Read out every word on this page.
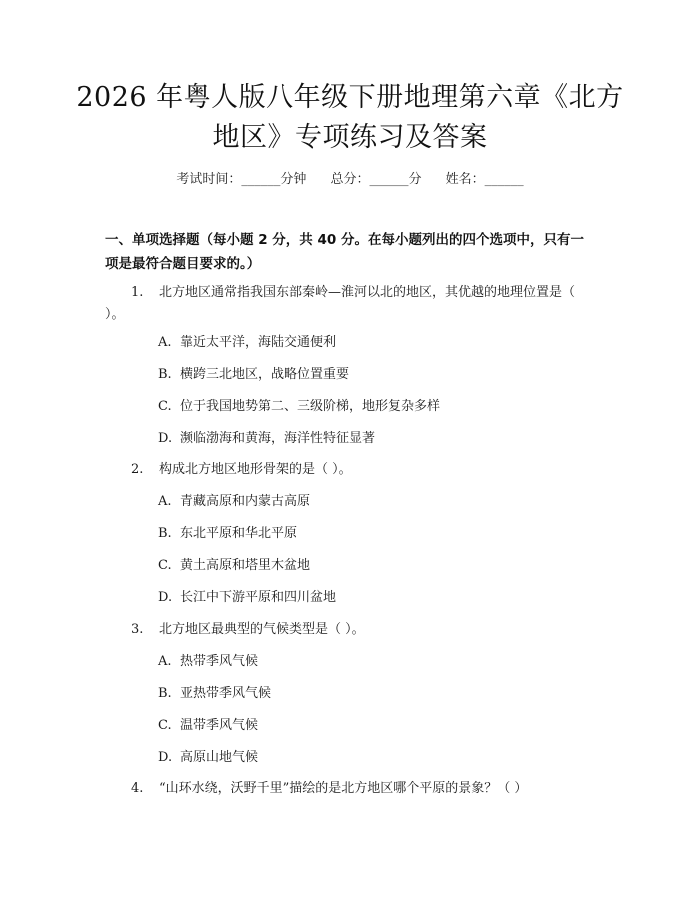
2026 年粤人版八年级下册地理第六章《北方
地区》专项练习及答案
考试时间：______分钟 总分：______分 姓名：______
一、单项选择题（每小题 2 分，共 40 分。在每小题列出的四个选项中，只有一项是最符合题目要求的。）
1. 北方地区通常指我国东部秦岭—淮河以北的地区，其优越的地理位置是（ ）。
A. 靠近太平洋，海陆交通便利
B. 横跨三北地区，战略位置重要
C. 位于我国地势第二、三级阶梯，地形复杂多样
D. 濒临渤海和黄海，海洋性特征显著
2. 构成北方地区地形骨架的是（ ）。
A. 青藏高原和内蒙古高原
B. 东北平原和华北平原
C. 黄土高原和塔里木盆地
D. 长江中下游平原和四川盆地
3. 北方地区最典型的气候类型是（ ）。
A. 热带季风气候
B. 亚热带季风气候
C. 温带季风气候
D. 高原山地气候
4. “山环水绕，沃野千里”描绘的是北方地区哪个平原的景象？（ ）
